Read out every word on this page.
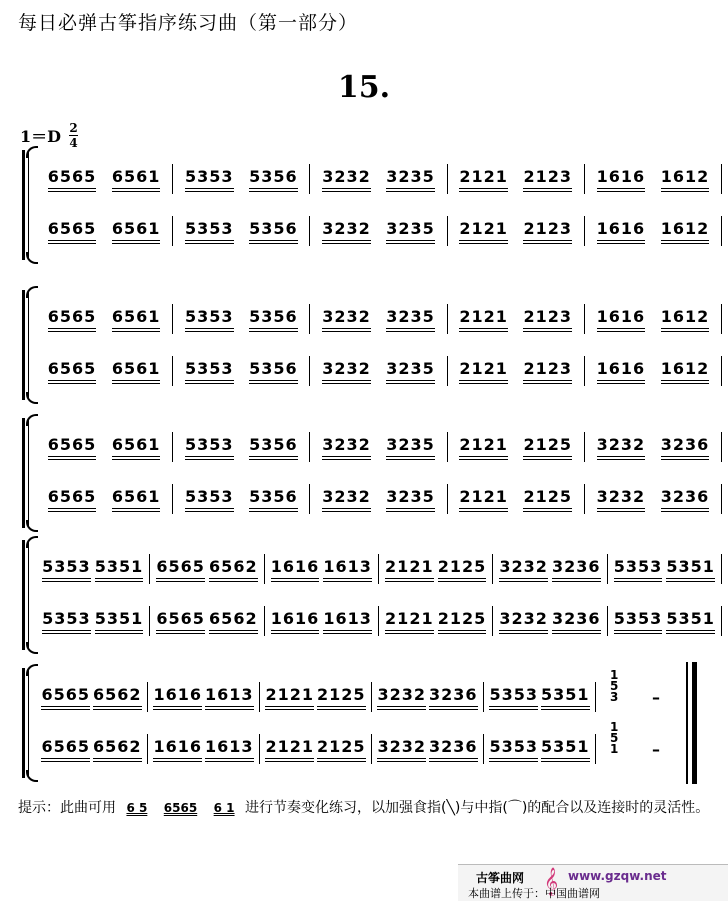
每日必弹古筝指序练习曲（第一部分）
15.
1＝D 2
4
6565 6561 5353 5356 3232 3235 2121 2123 1616 1612
6565 6561 5353 5356 3232 3235 2121 2123 1616 1612
6565 6561 5353 5356 3232 3235 2121 2123 1616 1612
6565 6561 5353 5356 3232 3235 2121 2123 1616 1612
6565 6561 5353 5356 3232 3235 2121 2125 3232 3236
6565 6561 5353 5356 3232 3235 2121 2125 3232 3236
5353 5351 6565 6562 1616 1613 2121 2125 3232 3236 5353 5351
5353 5351 6565 6562 1616 1613 2121 2125 3232 3236 5353 5351
6565 6562 1616 1613 2121 2125 3232 3236 5353 5351
6565 6562 1616 1613 2121 2125 3232 3236 5353 5351
1
5
3
1
5
1
–
–
提示：此曲可用 6 5 6565 6 1 进行节奏变化练习，以加强食指(╲)与中指(⌒)的配合以及连接时的灵活性。
古筝曲网 𝄞 www.gzqw.net
本曲谱上传于：中国曲谱网
